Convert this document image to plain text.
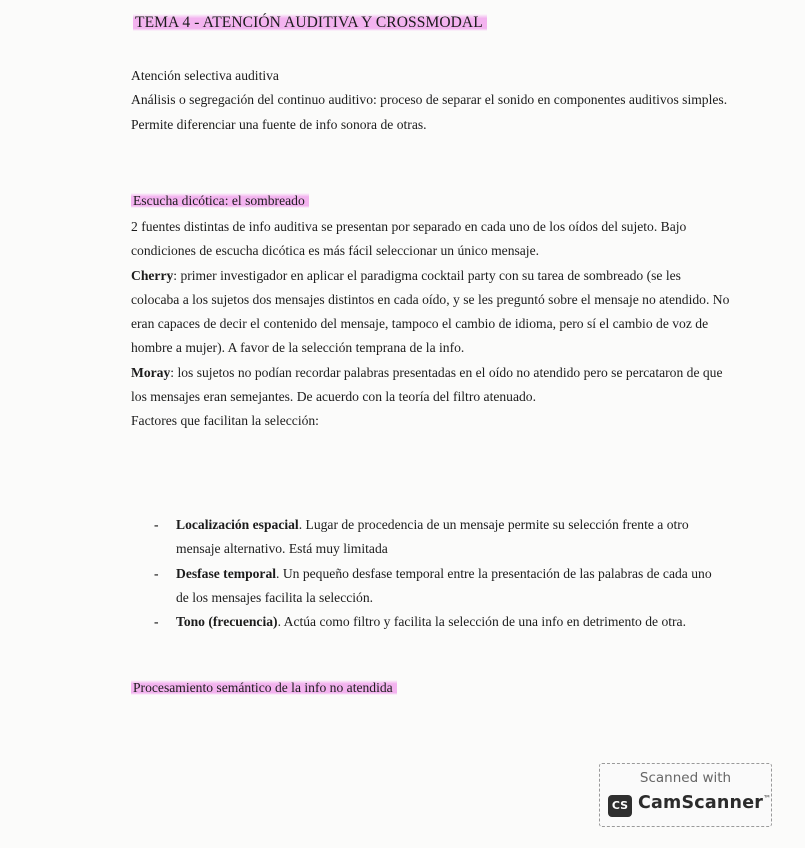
TEMA 4 - ATENCIÓN AUDITIVA Y CROSSMODAL

Atención selectiva auditiva

Análisis o segregación del continuo auditivo: proceso de separar el sonido en componentes auditivos simples. Permite diferenciar una fuente de info sonora de otras.

Escucha dicótica: el sombreado

2 fuentes distintas de info auditiva se presentan por separado en cada uno de los oídos del sujeto. Bajo condiciones de escucha dicótica es más fácil seleccionar un único mensaje.

Cherry: primer investigador en aplicar el paradigma cocktail party con su tarea de sombreado (se les colocaba a los sujetos dos mensajes distintos en cada oído, y se les preguntó sobre el mensaje no atendido. No eran capaces de decir el contenido del mensaje, tampoco el cambio de idioma, pero sí el cambio de voz de hombre a mujer). A favor de la selección temprana de la info.

Moray: los sujetos no podían recordar palabras presentadas en el oído no atendido pero se percataron de que los mensajes eran semejantes. De acuerdo con la teoría del filtro atenuado.

Factores que facilitan la selección:

- Localización espacial. Lugar de procedencia de un mensaje permite su selección frente a otro mensaje alternativo. Está muy limitada
- Desfase temporal. Un pequeño desfase temporal entre la presentación de las palabras de cada uno de los mensajes facilita la selección.
- Tono (frecuencia). Actúa como filtro y facilita la selección de una info en detrimento de otra.
Procesamiento semántico de la info no atendida
Scanned with
CS CamScanner™
